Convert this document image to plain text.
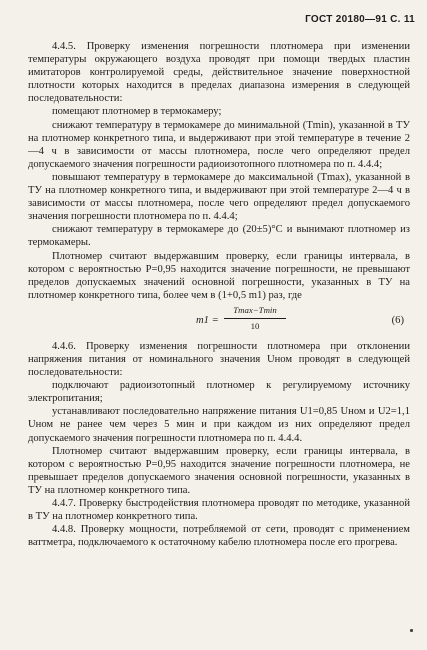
ГОСТ 20180—91 С. 11

4.4.5. Проверку изменения погрешности плотномера при изменении температуры окружающего воздуха проводят при помощи твердых пластин имитаторов контролируемой среды, действительное значение поверхностной плотности которых находится в пределах диапазона измерения в следующей последовательности:

помещают плотномер в термокамеру;

снижают температуру в термокамере до минимальной (Tmin), указанной в ТУ на плотномер конкретного типа, и выдерживают при этой температуре в течение 2—4 ч в зависимости от массы плотномера, после чего определяют предел допускаемого значения погрешности радиоизотопного плотномера по п. 4.4.4;

повышают температуру в термокамере до максимальной (Tmax), указанной в ТУ на плотномер конкретного типа, и выдерживают при этой температуре 2—4 ч в зависимости от массы плотномера, после чего определяют предел допускаемого значения погрешности плотномера по п. 4.4.4;

снижают температуру в термокамере до (20±5)°С и вынимают плотномер из термокамеры.

Плотномер считают выдержавшим проверку, если границы интервала, в котором с вероятностью P=0,95 находится значение погрешности, не превышают пределов допускаемых значений основной погрешности, указанных в ТУ на плотномер конкретного типа, более чем в (1+0,5 m1) раз, где

m1 =
Tmax−Tmin
10
(6)

4.4.6. Проверку изменения погрешности плотномера при отклонении напряжения питания от номинального значения Uном проводят в следующей последовательности:

подключают радиоизотопный плотномер к регулируемому источнику электропитания;

устанавливают последовательно напряжение питания U1=0,85 Uном и U2=1,1 Uном не ранее чем через 5 мин и при каждом из них определяют предел допускаемого значения погрешности плотномера по п. 4.4.4.

Плотномер считают выдержавшим проверку, если границы интервала, в котором с вероятностью P=0,95 находится значение погрешности плотномера, не превышает пределов допускаемого значения основной погрешности, указанных в ТУ на плотномер конкретного типа.

4.4.7. Проверку быстродействия плотномера проводят по методике, указанной в ТУ на плотномер конкретного типа.

4.4.8. Проверку мощности, потребляемой от сети, проводят с применением ваттметра, подключаемого к остаточному кабелю плотномера после его прогрева.
